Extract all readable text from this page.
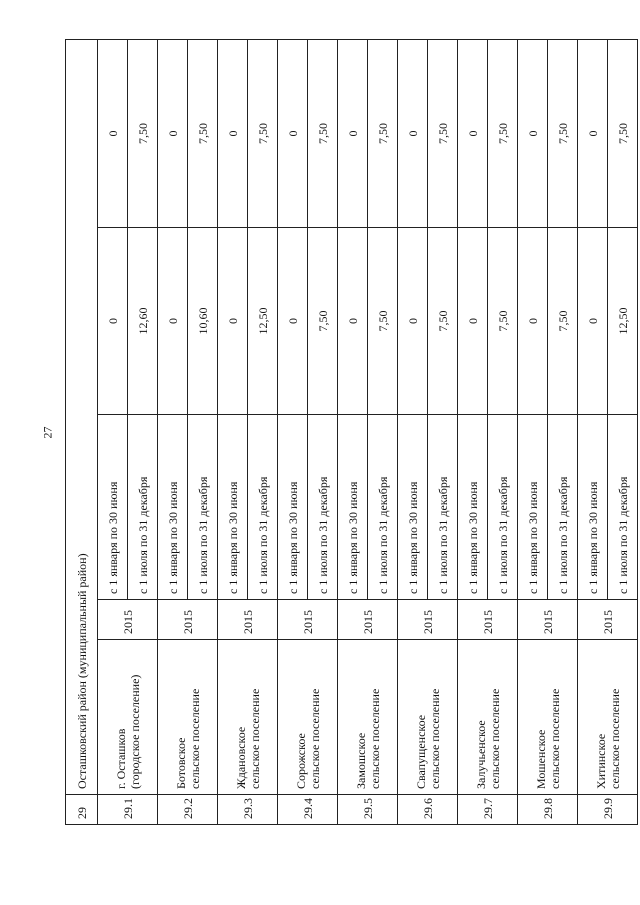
27
29	Осташковский район (муниципальный район)				
29.1	г. Осташков (городское поселение)	2015	с 1 января по 30 июня	0	0
			с 1 июля по 31 декабря	12,60	7,50
29.2	Ботовское сельское поселение	2015	с 1 января по 30 июня	0	0
			с 1 июля по 31 декабря	10,60	7,50
29.3	Ждановское сельское поселение	2015	с 1 января по 30 июня	0	0
			с 1 июля по 31 декабря	12,50	7,50
29.4	Сорожское сельское поселение	2015	с 1 января по 30 июня	0	0
			с 1 июля по 31 декабря	7,50	7,50
29.5	Замошское сельское поселение	2015	с 1 января по 30 июня	0	0
			с 1 июля по 31 декабря	7,50	7,50
29.6	Свапущенское сельское поселение	2015	с 1 января по 30 июня	0	0
			с 1 июля по 31 декабря	7,50	7,50
29.7	Залучьенское сельское поселение	2015	с 1 января по 30 июня	0	0
			с 1 июля по 31 декабря	7,50	7,50
29.8	Мошенское сельское поселение	2015	с 1 января по 30 июня	0	0
			с 1 июля по 31 декабря	7,50	7,50
29.9	Хитинское сельское поселение	2015	с 1 января по 30 июня	0	0
			с 1 июля по 31 декабря	12,50	7,50
